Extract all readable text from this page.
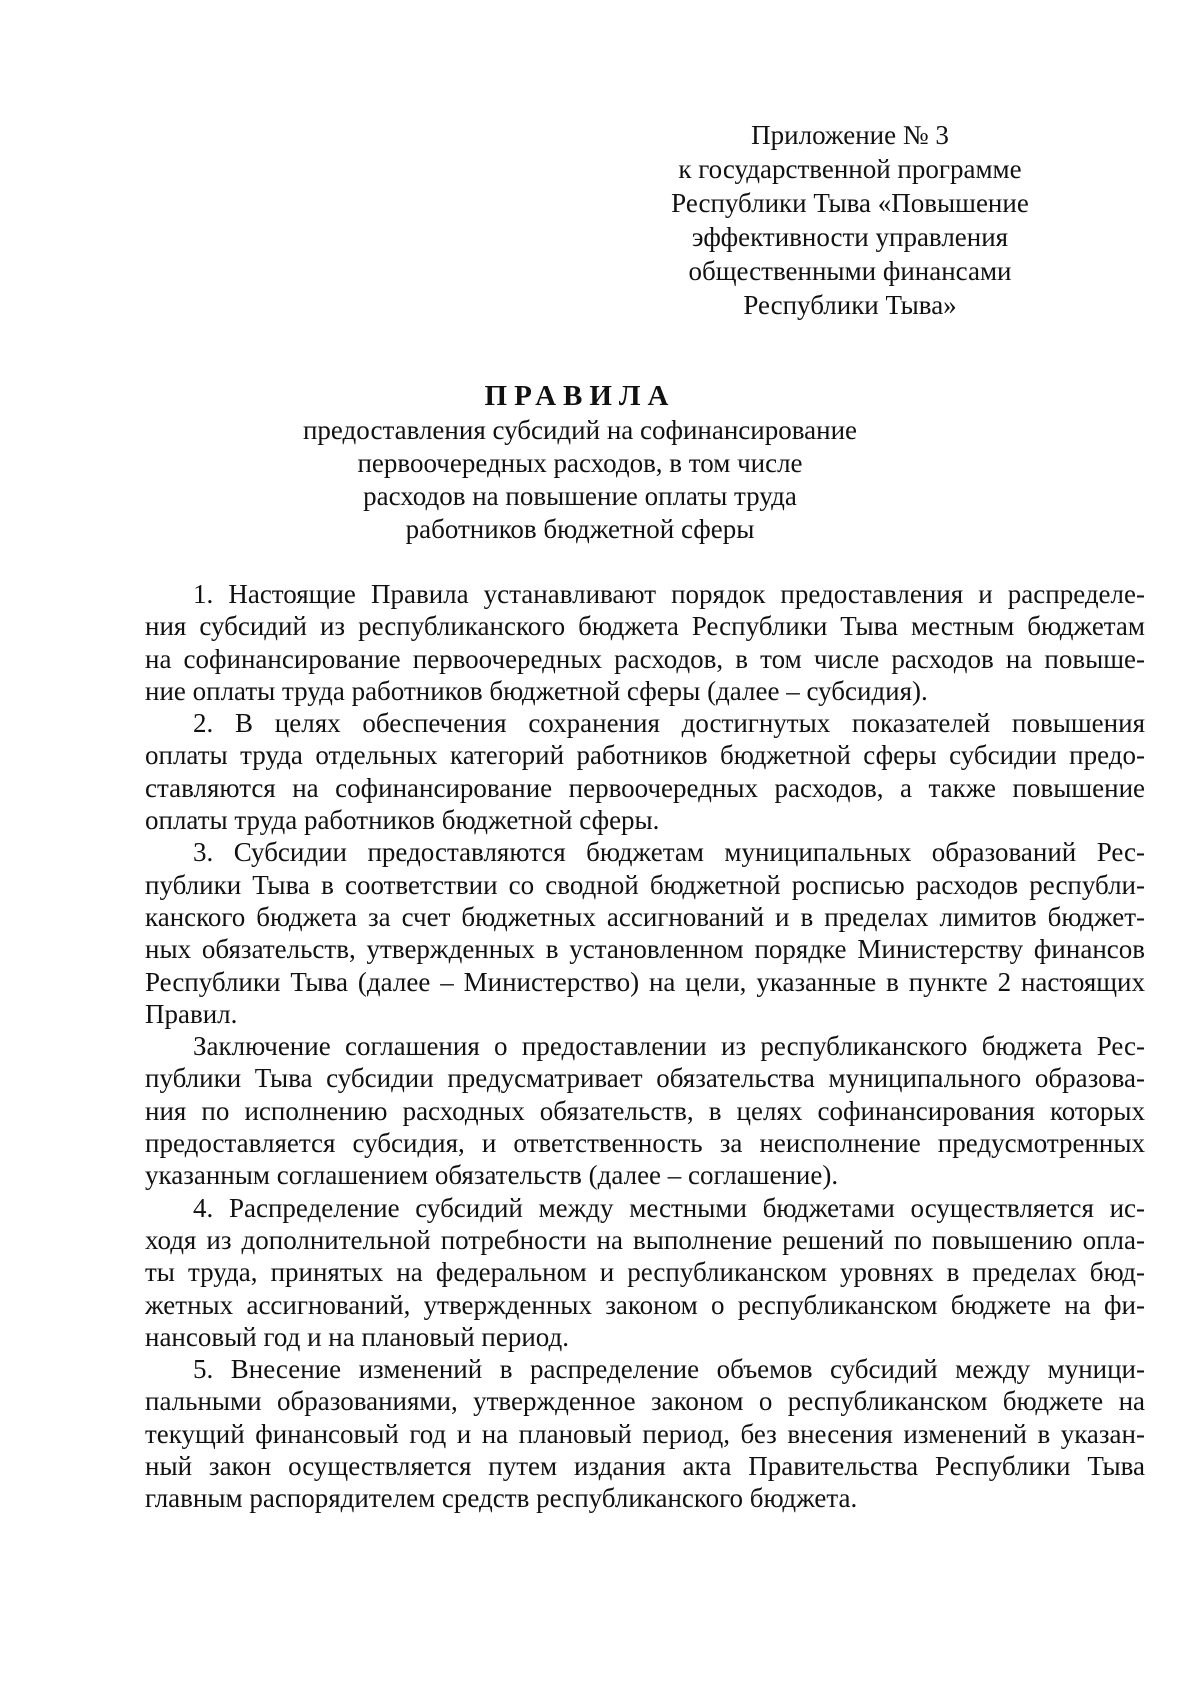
Приложение № 3
к государственной программе
Республики Тыва «Повышение
эффективности управления
общественными финансами
Республики Тыва»
ПРАВИЛА
предоставления субсидий на софинансирование
первоочередных расходов, в том числе
расходов на повышение оплаты труда
работников бюджетной сферы
1. Настоящие Правила устанавливают порядок предоставления и распределе-
ния субсидий из республиканского бюджета Республики Тыва местным бюджетам
на софинансирование первоочередных расходов, в том числе расходов на повыше-
ние оплаты труда работников бюджетной сферы (далее – субсидия).
2. В целях обеспечения сохранения достигнутых показателей повышения
оплаты труда отдельных категорий работников бюджетной сферы субсидии предо-
ставляются на софинансирование первоочередных расходов, а также повышение
оплаты труда работников бюджетной сферы.
3. Субсидии предоставляются бюджетам муниципальных образований Рес-
публики Тыва в соответствии со сводной бюджетной росписью расходов республи-
канского бюджета за счет бюджетных ассигнований и в пределах лимитов бюджет-
ных обязательств, утвержденных в установленном порядке Министерству финансов
Республики Тыва (далее – Министерство) на цели, указанные в пункте 2 настоящих
Правил.
Заключение соглашения о предоставлении из республиканского бюджета Рес-
публики Тыва субсидии предусматривает обязательства муниципального образова-
ния по исполнению расходных обязательств, в целях софинансирования которых
предоставляется субсидия, и ответственность за неисполнение предусмотренных
указанным соглашением обязательств (далее – соглашение).
4. Распределение субсидий между местными бюджетами осуществляется ис-
ходя из дополнительной потребности на выполнение решений по повышению опла-
ты труда, принятых на федеральном и республиканском уровнях в пределах бюд-
жетных ассигнований, утвержденных законом о республиканском бюджете на фи-
нансовый год и на плановый период.
5. Внесение изменений в распределение объемов субсидий между муници-
пальными образованиями, утвержденное законом о республиканском бюджете на
текущий финансовый год и на плановый период, без внесения изменений в указан-
ный закон осуществляется путем издания акта Правительства Республики Тыва
главным распорядителем средств республиканского бюджета.
